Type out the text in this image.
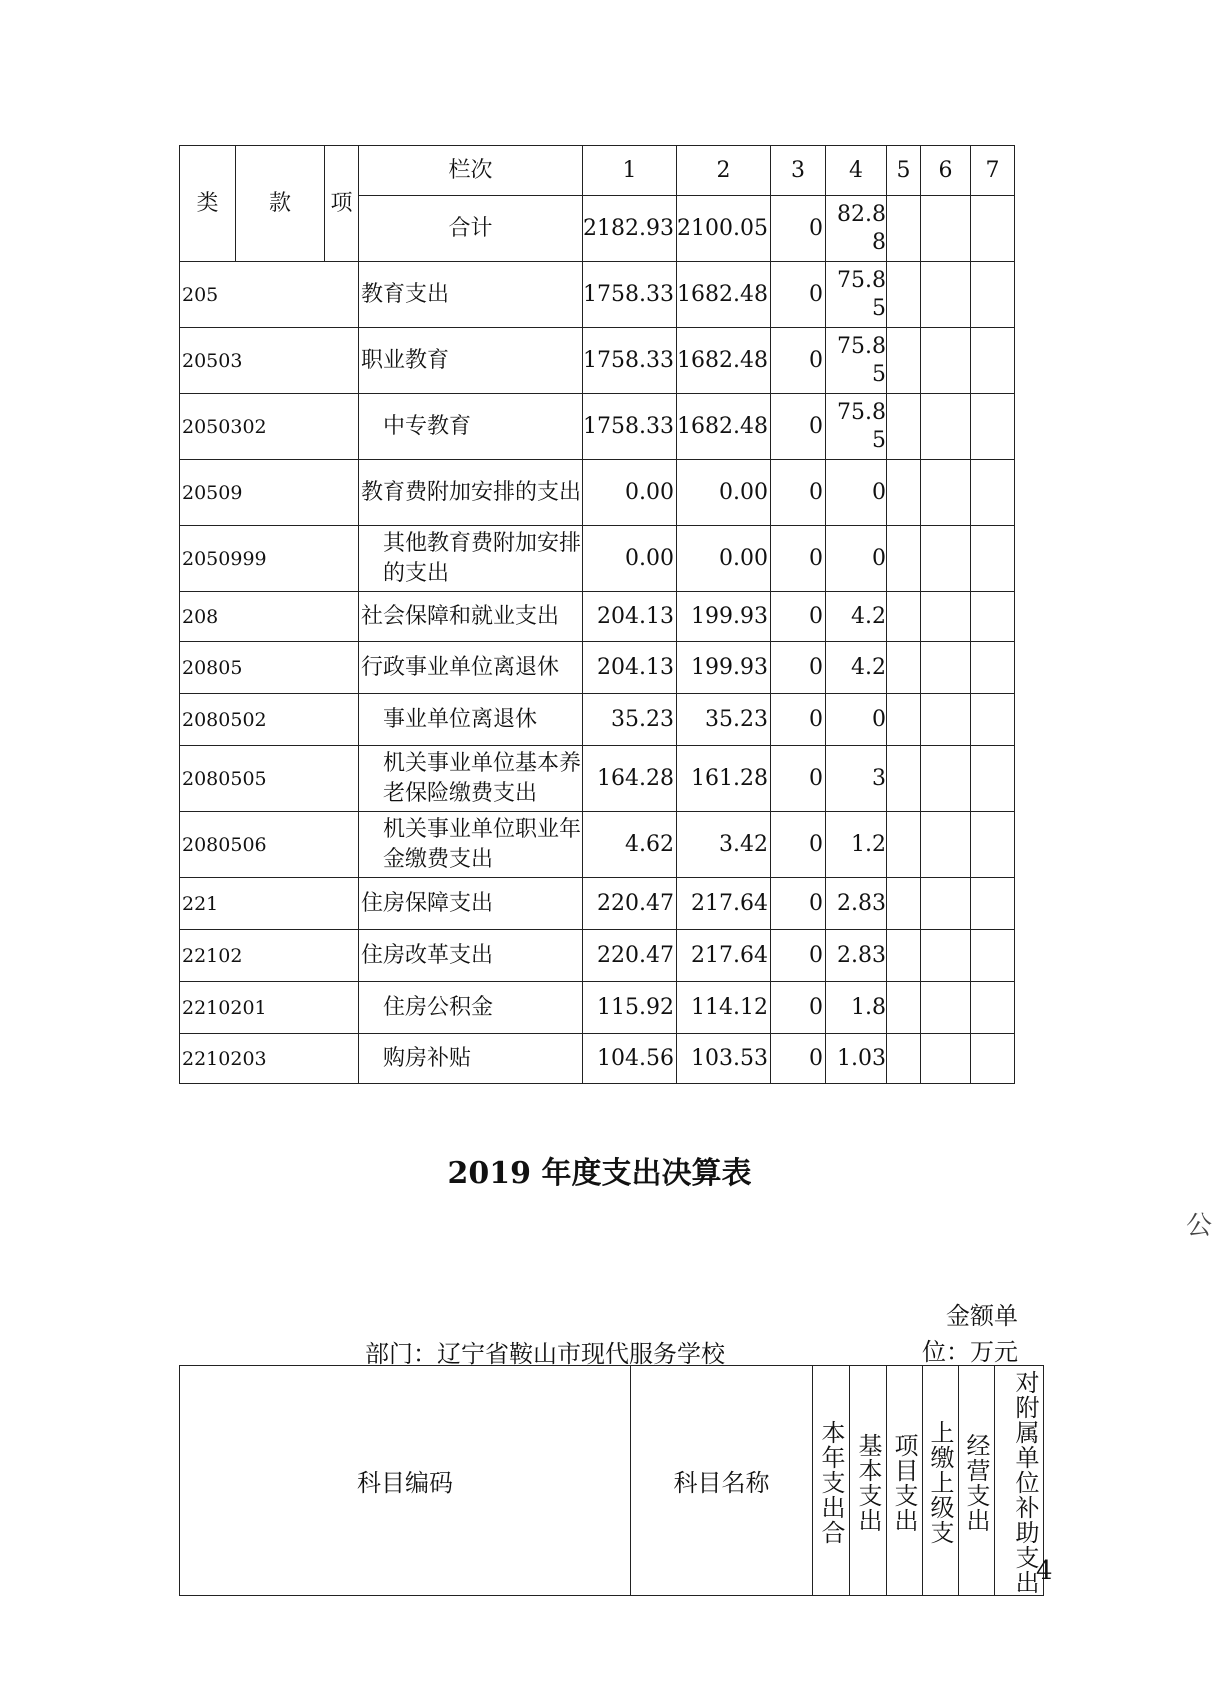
类	款	项	栏次	1	2	3	4	5	6	7
			合计	2182.93	2100.05	0	82.88			
205			教育支出	1758.33	1682.48	0	75.85			
20503			职业教育	1758.33	1682.48	0	75.85			
2050302			中专教育	1758.33	1682.48	0	75.85			
20509			教育费附加安排的支出	0.00	0.00	0	0			
2050999			其他教育费附加安排的支出	0.00	0.00	0	0			
208			社会保障和就业支出	204.13	199.93	0	4.2			
20805			行政事业单位离退休	204.13	199.93	0	4.2			
2080502			事业单位离退休	35.23	35.23	0	0			
2080505			机关事业单位基本养老保险缴费支出	164.28	161.28	0	3			
2080506			机关事业单位职业年金缴费支出	4.62	3.42	0	1.2			
221			住房保障支出	220.47	217.64	0	2.83			
22102			住房改革支出	220.47	217.64	0	2.83			
2210201			住房公积金	115.92	114.12	0	1.8			
2210203			购房补贴	104.56	103.53	0	1.03			
2019 年度支出决算表
公
金额单位：万元
部门：辽宁省鞍山市现代服务学校
科目编码	科目名称	本年支出合	基本支出	项目支出	上缴上级支	经营支出	对附属单位补助支出
4
